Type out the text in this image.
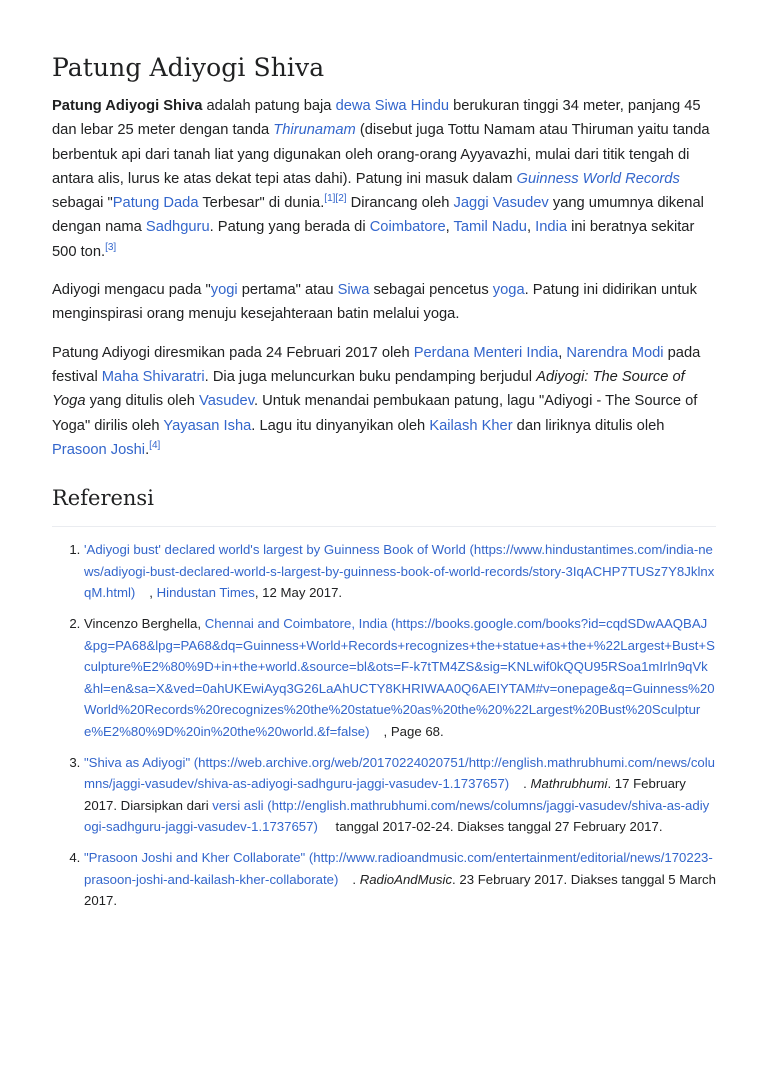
Patung Adiyogi Shiva

Patung Adiyogi Shiva adalah patung baja dewa Siwa Hindu berukuran tinggi 34 meter, panjang 45 dan lebar 25 meter dengan tanda Thirunamam (disebut juga Tottu Namam atau Thiruman yaitu tanda berbentuk api dari tanah liat yang digunakan oleh orang-orang Ayyavazhi, mulai dari titik tengah di antara alis, lurus ke atas dekat tepi atas dahi). Patung ini masuk dalam Guinness World Records sebagai "Patung Dada Terbesar" di dunia.[1][2] Dirancang oleh Jaggi Vasudev yang umumnya dikenal dengan nama Sadhguru. Patung yang berada di Coimbatore, Tamil Nadu, India ini beratnya sekitar 500 ton.[3]

Adiyogi mengacu pada "yogi pertama" atau Siwa sebagai pencetus yoga. Patung ini didirikan untuk menginspirasi orang menuju kesejahteraan batin melalui yoga.

Patung Adiyogi diresmikan pada 24 Februari 2017 oleh Perdana Menteri India, Narendra Modi pada festival Maha Shivaratri. Dia juga meluncurkan buku pendamping berjudul Adiyogi: The Source of Yoga yang ditulis oleh Vasudev. Untuk menandai pembukaan patung, lagu "Adiyogi - The Source of Yoga" dirilis oleh Yayasan Isha. Lagu itu dinyanyikan oleh Kailash Kher dan liriknya ditulis oleh Prasoon Joshi.[4]

Referensi
1. 'Adiyogi bust' declared world's largest by Guinness Book of World (https://www.hindustantimes.com/india-news/adiyogi-bust-declared-world-s-largest-by-guinness-book-of-world-records/story-3IqACHP7TUSz7Y8JklnxqM.html) , Hindustan Times, 12 May 2017.
2. Vincenzo Berghella, Chennai and Coimbatore, India (https://books.google.com/books?id=cqdSDwAAQBAJ&pg=PA68&lpg=PA68&dq=Guinness+World+Records+recognizes+the+statue+as+the+%22Largest+Bust+Sculpture%E2%80%9D+in+the+world.&source=bl&ots=F-k7tTM4ZS&sig=KNLwif0kQQU95RSoa1mIrln9qVk&hl=en&sa=X&ved=0ahUKEwiAyq3G26LaAhUCTY8KHRIWAA0Q6AEIYTAM#v=onepage&q=Guinness%20World%20Records%20recognizes%20the%20statue%20as%20the%20%22Largest%20Bust%20Sculpture%E2%80%9D%20in%20the%20world.&f=false) , Page 68.
3. "Shiva as Adiyogi" (https://web.archive.org/web/20170224020751/http://english.mathrubhumi.com/news/columns/jaggi-vasudev/shiva-as-adiyogi-sadhguru-jaggi-vasudev-1.1737657) . Mathrubhumi. 17 February 2017. Diarsipkan dari versi asli (http://english.mathrubhumi.com/news/columns/jaggi-vasudev/shiva-as-adiyogi-sadhguru-jaggi-vasudev-1.1737657) tanggal 2017-02-24. Diakses tanggal 27 February 2017.
4. "Prasoon Joshi and Kher Collaborate" (http://www.radioandmusic.com/entertainment/editorial/news/170223-prasoon-joshi-and-kailash-kher-collaborate) . RadioAndMusic. 23 February 2017. Diakses tanggal 5 March 2017.
